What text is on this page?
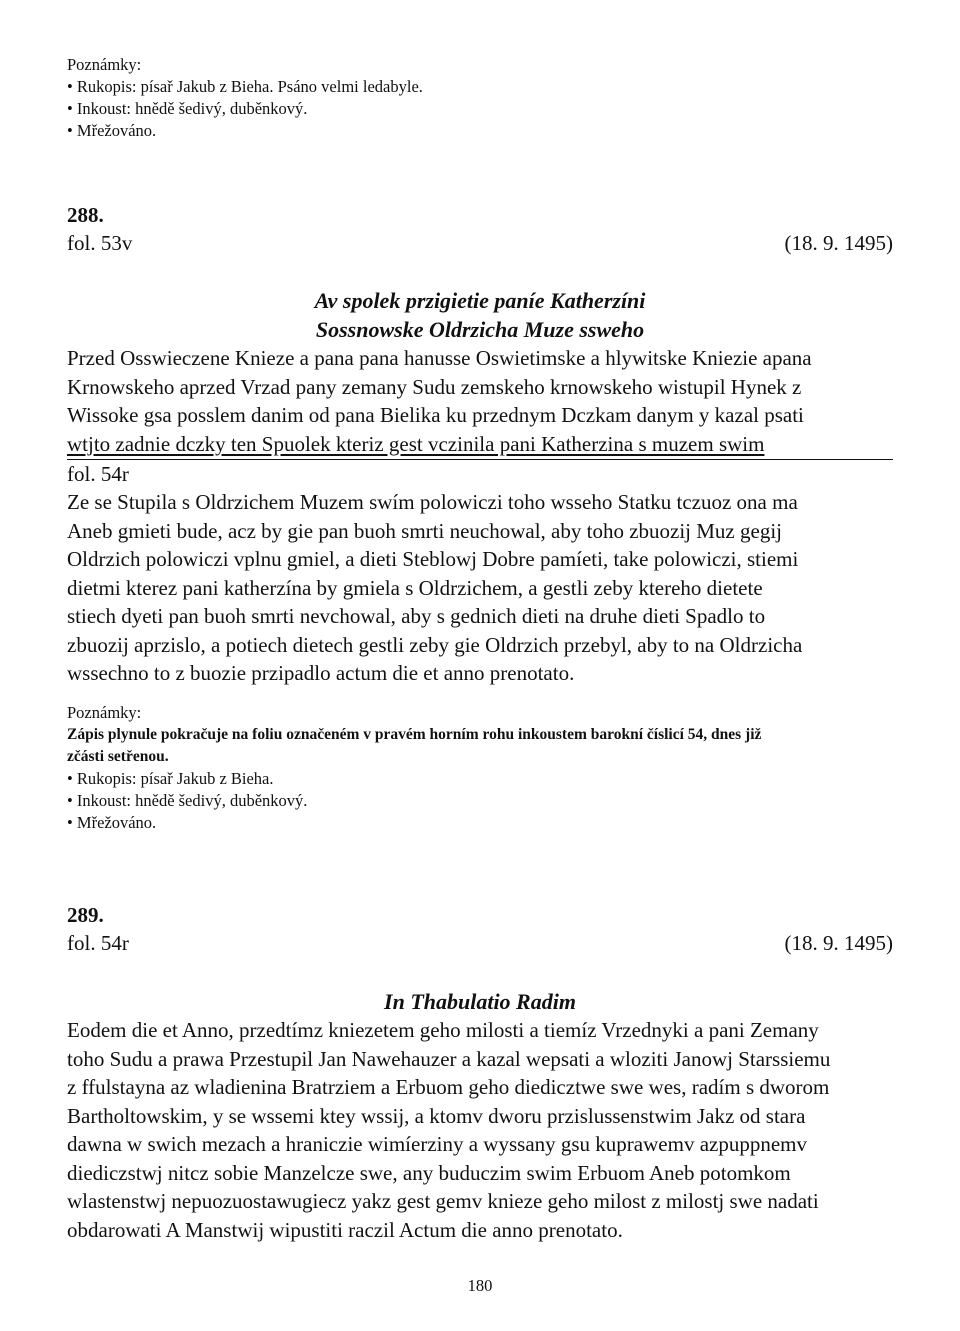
Poznámky:
• Rukopis: písař Jakub z Bieha. Psáno velmi ledabyle.
• Inkoust: hnědě šedivý, duběnkový.
• Mřežováno.
288.
fol. 53v	(18. 9. 1495)
Av spolek przigietie paníe Katherzíni
Sossnowske Oldrzicha Muze ssweho
Przed Osswieczene Knieze a pana pana hanusse Oswietimske a hlywitske Kniezie apana
Krnowskeho aprzed Vrzad pany zemany Sudu zemskeho krnowskeho wistupil Hynek z
Wissoke gsa posslem danim od pana Bielika ku przednym Dczkam danym y kazal psati
wtjto zadnie dczky ten Spuolek kteriz gest vczinila pani Katherzina s muzem swim
fol. 54r
Ze se Stupila s Oldrzichem Muzem swím polowiczi toho wsseho Statku tczuoz ona ma
Aneb gmieti bude, acz by gie pan buoh smrti neuchowal, aby toho zbuozij Muz gegij
Oldrzich polowiczi vplnu gmiel, a dieti Steblowj Dobre pamíeti, take polowiczi, stiemi
dietmi kterez pani katherzína by gmiela s Oldrzichem, a gestli zeby ktereho dietete
stiech dyeti pan buoh smrti nevchowal, aby s gednich dieti na druhe dieti Spadlo to
zbuozij aprzislo, a potiech dietech gestli zeby gie Oldrzich przebyl, aby to na Oldrzicha
wssechno to z buozie przipadlo actum die et anno prenotato.
Poznámky:
Zápis plynule pokračuje na foliu označeném v pravém horním rohu inkoustem barokní číslicí 54, dnes již
zčásti setřenou.
• Rukopis: písař Jakub z Bieha.
• Inkoust: hnědě šedivý, duběnkový.
• Mřežováno.
289.
fol. 54r	(18. 9. 1495)
In Thabulatio Radim
Eodem die et Anno, przedtímz kniezetem geho milosti a tiemíz Vrzednyki a pani Zemany
toho Sudu a prawa Przestupil Jan Nawehauzer a kazal wepsati a wloziti Janowj Starssiemu
z ffulstayna az wladienina Bratrziem a Erbuom geho diedicztwe swe wes, radím s dworom
Bartholtowskim, y se wssemi ktey wssij, a ktomv dworu przislussenstwim Jakz od stara
dawna w swich mezach a hraniczie wimíerziny a wyssany gsu kuprawemv azpuppnemv
diediczstwj nitcz sobie Manzelcze swe, any buduczim swim Erbuom Aneb potomkom
wlastenstwj nepuozuostawugiecz yakz gest gemv knieze geho milost z milostj swe nadati
obdarowati A Manstwij wipustiti raczil Actum die anno prenotato.
180
